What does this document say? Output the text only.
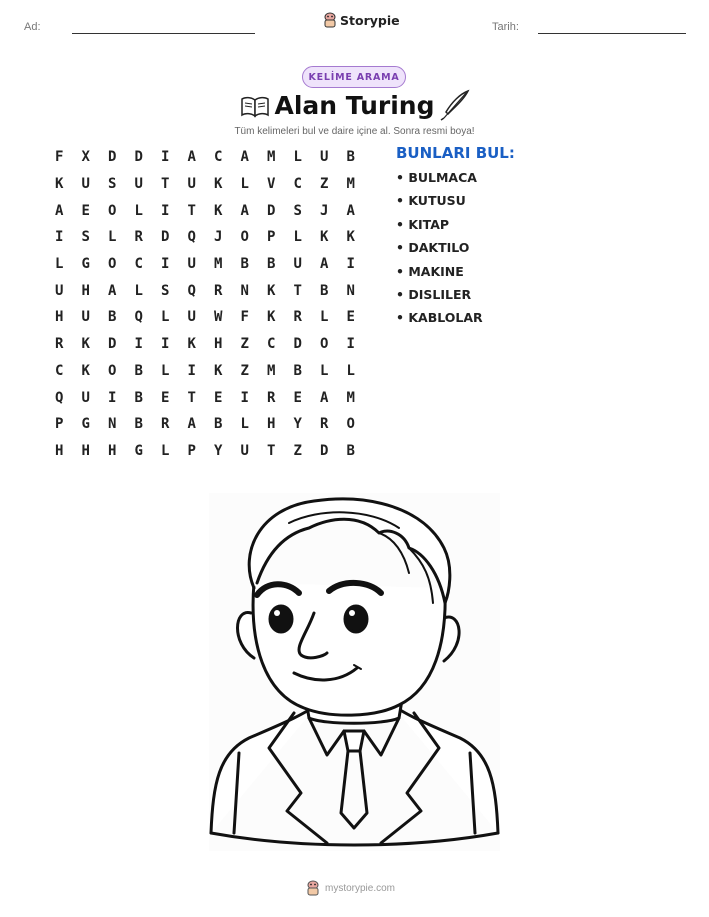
Ad:	Storypie	Tarih:
KELİME ARAMA
Alan Turing
Tüm kelimeleri bul ve daire içine al. Sonra resmi boya!
F	X	D	D	I	A	C	A	M	L	U	B
K	U	S	U	T	U	K	L	V	C	Z	M
A	E	O	L	I	T	K	A	D	S	J	A
I	S	L	R	D	Q	J	O	P	L	K	K
L	G	O	C	I	U	M	B	B	U	A	I
U	H	A	L	S	Q	R	N	K	T	B	N
H	U	B	Q	L	U	W	F	K	R	L	E
R	K	D	I	I	K	H	Z	C	D	O	I
C	K	O	B	L	I	K	Z	M	B	L	L
Q	U	I	B	E	T	E	I	R	E	A	M
P	G	N	B	R	A	B	L	H	Y	R	O
H	H	H	G	L	P	Y	U	T	Z	D	B
BUNLARI BUL:
• BULMACA
• KUTUSU
• KITAP
• DAKTILO
• MAKINE
• DISLILER
• KABLOLAR
mystorypie.com
